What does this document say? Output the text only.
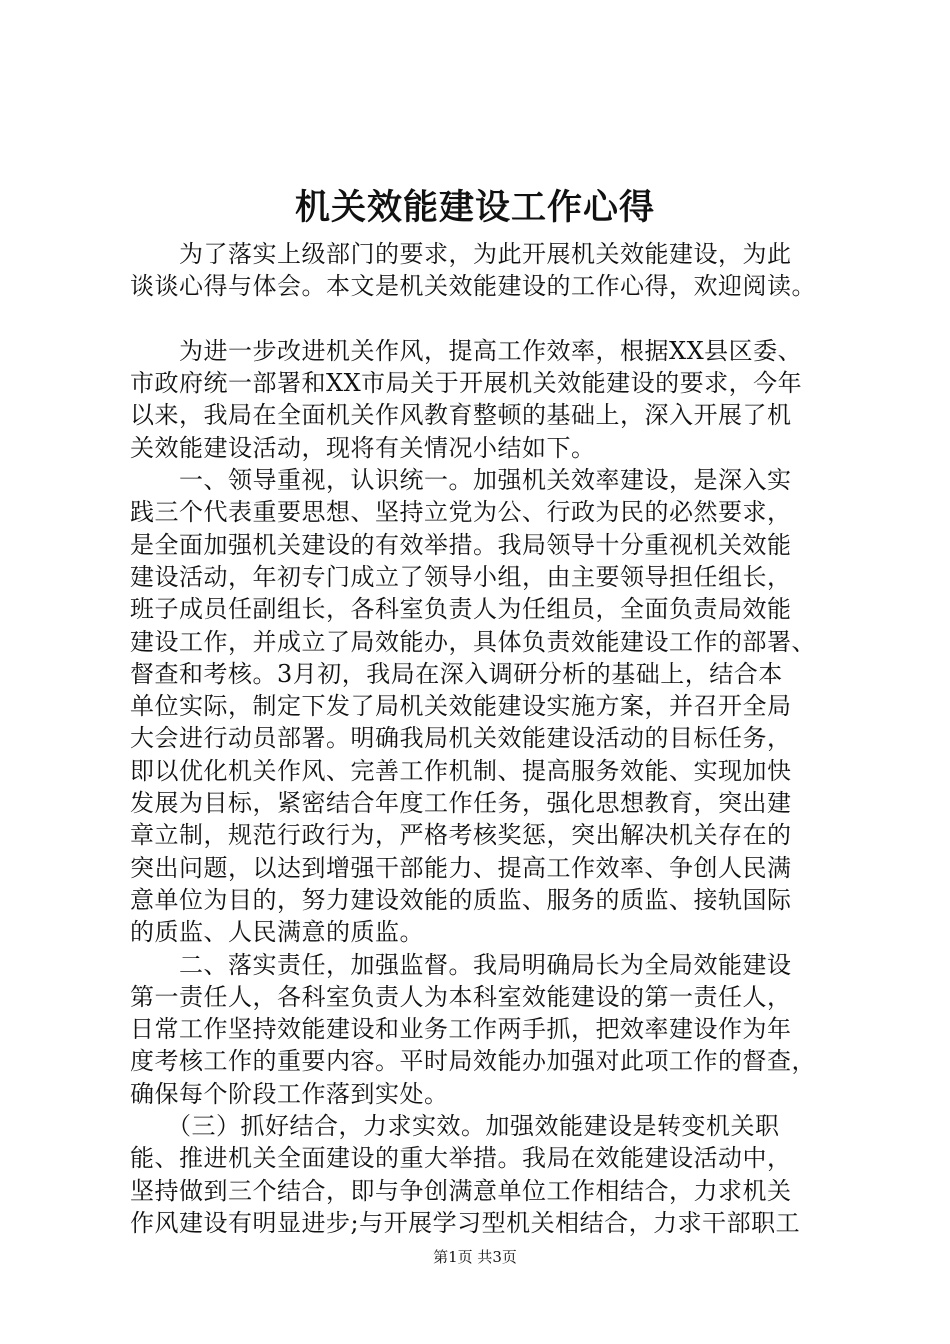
机关效能建设工作心得
　　为了落实上级部门的要求，为此开展机关效能建设，为此
谈谈心得与体会。本文是机关效能建设的工作心得，欢迎阅读。
　　为进一步改进机关作风，提高工作效率，根据XX县区委、
市政府统一部署和XX市局关于开展机关效能建设的要求，今年
以来，我局在全面机关作风教育整顿的基础上，深入开展了机
关效能建设活动，现将有关情况小结如下。
　　一、领导重视，认识统一。加强机关效率建设，是深入实
践三个代表重要思想、坚持立党为公、行政为民的必然要求，
是全面加强机关建设的有效举措。我局领导十分重视机关效能
建设活动，年初专门成立了领导小组，由主要领导担任组长，
班子成员任副组长，各科室负责人为任组员，全面负责局效能
建设工作，并成立了局效能办，具体负责效能建设工作的部署、
督查和考核。3月初，我局在深入调研分析的基础上，结合本
单位实际，制定下发了局机关效能建设实施方案，并召开全局
大会进行动员部署。明确我局机关效能建设活动的目标任务，
即以优化机关作风、完善工作机制、提高服务效能、实现加快
发展为目标，紧密结合年度工作任务，强化思想教育，突出建
章立制，规范行政行为，严格考核奖惩，突出解决机关存在的
突出问题，以达到增强干部能力、提高工作效率、争创人民满
意单位为目的，努力建设效能的质监、服务的质监、接轨国际
的质监、人民满意的质监。
　　二、落实责任，加强监督。我局明确局长为全局效能建设
第一责任人，各科室负责人为本科室效能建设的第一责任人，
日常工作坚持效能建设和业务工作两手抓，把效率建设作为年
度考核工作的重要内容。平时局效能办加强对此项工作的督查，
确保每个阶段工作落到实处。
　　（三）抓好结合，力求实效。加强效能建设是转变机关职
能、推进机关全面建设的重大举措。我局在效能建设活动中，
坚持做到三个结合，即与争创满意单位工作相结合，力求机关
作风建设有明显进步;与开展学习型机关相结合，力求干部职工
第1页 共3页
